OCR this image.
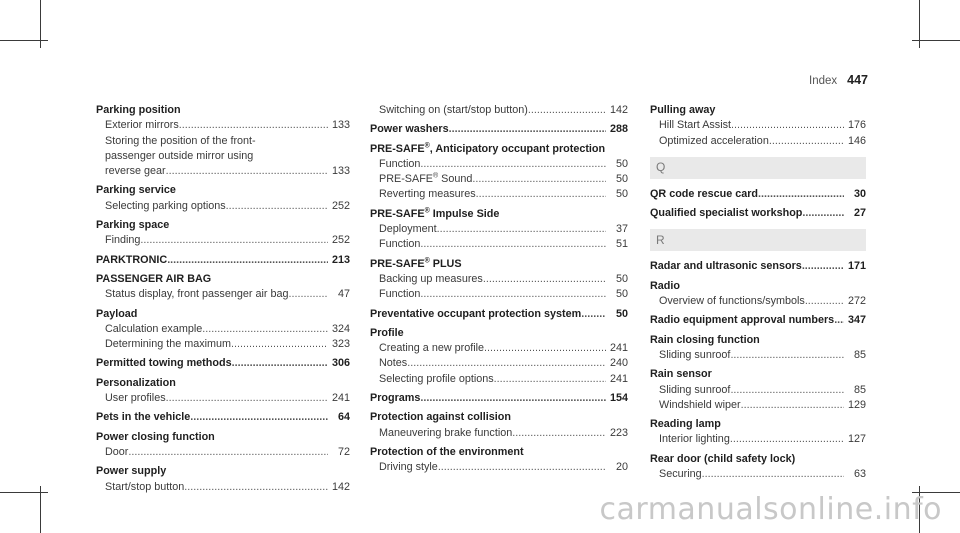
Index 447
Parking position
Exterior mirrors .....	133
Storing the position of the front-
passenger outside mirror using
reverse gear .....	133
Parking service
Selecting parking options .....	252
Parking space
Finding .....	252
PARKTRONIC .....	213
PASSENGER AIR BAG
Status display, front passenger air bag .....	47
Payload
Calculation example .....	324
Determining the maximum .....	323
Permitted towing methods .....	306
Personalization
User profiles .....	241
Pets in the vehicle .....	64
Power closing function
Door .....	72
Power supply
Start/stop button .....	142
Switching on (start/stop button) .....	142
Power washers .....	288
PRE-SAFE®, Anticipatory occupant protection
Function .....	50
PRE-SAFE® Sound .....	50
Reverting measures .....	50
PRE-SAFE® Impulse Side
Deployment .....	37
Function .....	51
PRE-SAFE® PLUS
Backing up measures .....	50
Function .....	50
Preventative occupant protection system .....	50
Profile
Creating a new profile .....	241
Notes .....	240
Selecting profile options .....	241
Programs .....	154
Protection against collision
Maneuvering brake function .....	223
Protection of the environment
Driving style .....	20
Pulling away
Hill Start Assist .....	176
Optimized acceleration .....	146
Q
QR code rescue card .....	30
Qualified specialist workshop .....	27
R
Radar and ultrasonic sensors .....	171
Radio
Overview of functions/symbols .....	272
Radio equipment approval numbers .....	347
Rain closing function
Sliding sunroof .....	85
Rain sensor
Sliding sunroof .....	85
Windshield wiper .....	129
Reading lamp
Interior lighting .....	127
Rear door (child safety lock)
Securing .....	63
carmanualsonline.info
